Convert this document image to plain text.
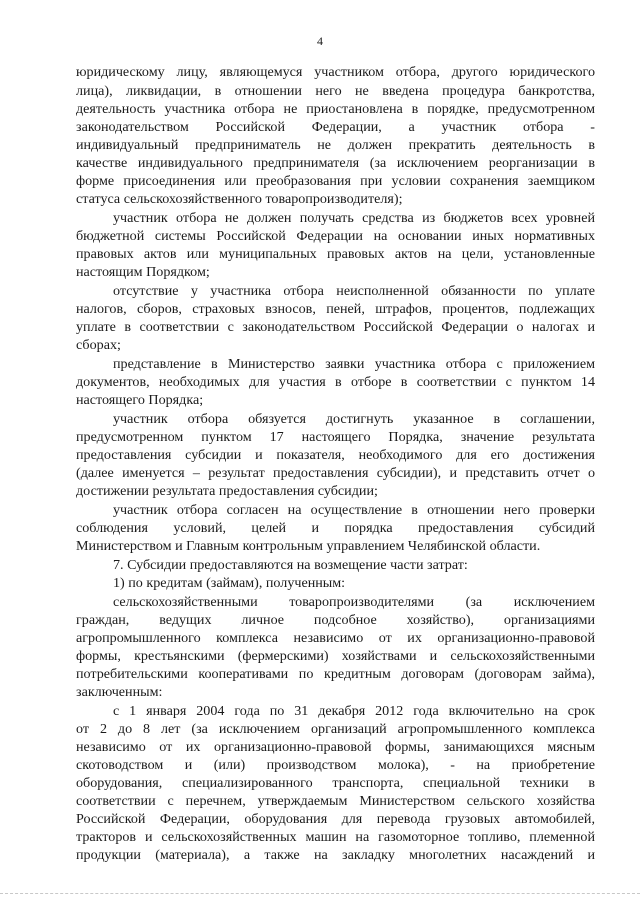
4
юридическому лицу, являющемуся участником отбора, другого юридического
лица), ликвидации, в отношении него не введена процедура банкротства,
деятельность участника отбора не приостановлена в порядке, предусмотренном
законодательством Российской Федерации, а участник отбора -
индивидуальный предприниматель не должен прекратить деятельность в
качестве индивидуального предпринимателя (за исключением реорганизации в
форме присоединения или преобразования при условии сохранения заемщиком
статуса сельскохозяйственного товаропроизводителя);
участник отбора не должен получать средства из бюджетов всех уровней
бюджетной системы Российской Федерации на основании иных нормативных
правовых актов или муниципальных правовых актов на цели, установленные
настоящим Порядком;
отсутствие у участника отбора неисполненной обязанности по уплате
налогов, сборов, страховых взносов, пеней, штрафов, процентов, подлежащих
уплате в соответствии с законодательством Российской Федерации о налогах и
сборах;
представление в Министерство заявки участника отбора с приложением
документов, необходимых для участия в отборе в соответствии с пунктом 14
настоящего Порядка;
участник отбора обязуется достигнуть указанное в соглашении,
предусмотренном пунктом 17 настоящего Порядка, значение результата
предоставления субсидии и показателя, необходимого для его достижения
(далее именуется – результат предоставления субсидии), и представить отчет о
достижении результата предоставления субсидии;
участник отбора согласен на осуществление в отношении него проверки
соблюдения условий, целей и порядка предоставления субсидий
Министерством и Главным контрольным управлением Челябинской области.
7. Субсидии предоставляются на возмещение части затрат:
1) по кредитам (займам), полученным:
сельскохозяйственными товаропроизводителями (за исключением
граждан, ведущих личное подсобное хозяйство), организациями
агропромышленного комплекса независимо от их организационно-правовой
формы, крестьянскими (фермерскими) хозяйствами и сельскохозяйственными
потребительскими кооперативами по кредитным договорам (договорам займа),
заключенным:
с 1 января 2004 года по 31 декабря 2012 года включительно на срок
от 2 до 8 лет (за исключением организаций агропромышленного комплекса
независимо от их организационно-правовой формы, занимающихся мясным
скотоводством и (или) производством молока), - на приобретение
оборудования, специализированного транспорта, специальной техники в
соответствии с перечнем, утверждаемым Министерством сельского хозяйства
Российской Федерации, оборудования для перевода грузовых автомобилей,
тракторов и сельскохозяйственных машин на газомоторное топливо, племенной
продукции (материала), а также на закладку многолетних насаждений и
